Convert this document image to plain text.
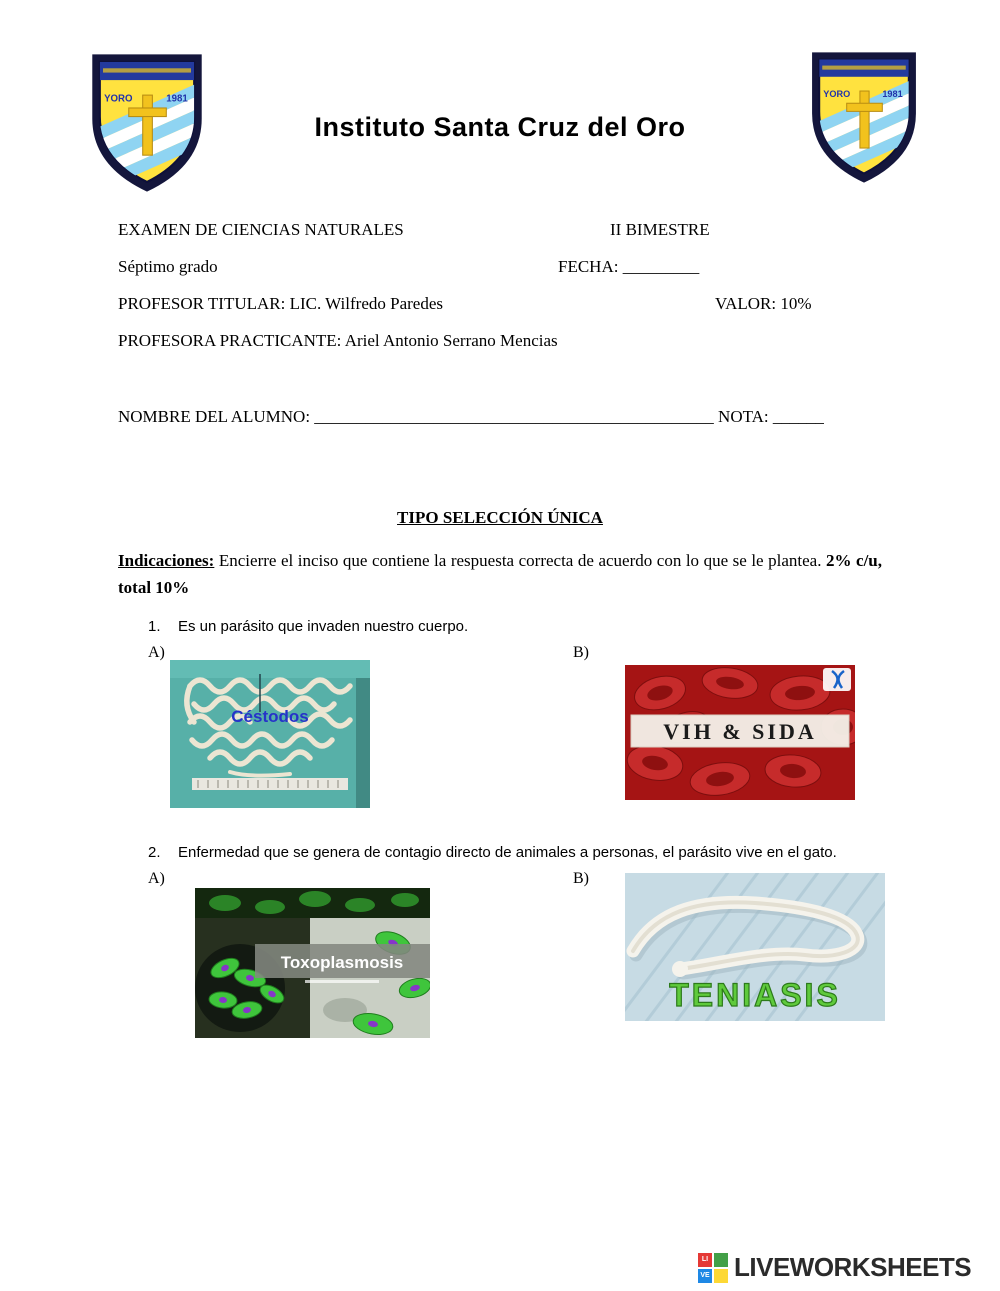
YORO	1981	YORO	1981
Instituto Santa Cruz del Oro
EXAMEN DE CIENCIAS NATURALES	II BIMESTRE
Séptimo grado	FECHA: _________
PROFESOR TITULAR: LIC. Wilfredo Paredes	VALOR: 10%
PROFESORA PRACTICANTE: Ariel Antonio Serrano Mencias
NOMBRE DEL ALUMNO: _______________________________________________ NOTA: ______
TIPO SELECCIÓN ÚNICA

Indicaciones: Encierre el inciso que contiene la respuesta correcta de acuerdo con lo que se le plantea. 2% c/u, total 10%

1. Es un parásito que invaden nuestro cuerpo.
A)	B)
Céstodos
VIH & SIDA
2. Enfermedad que se genera de contagio directo de animales a personas, el parásito vive en el gato.
A)	B)
Toxoplasmosis
TENIASIS
LI
VE LIVEWORKSHEETS
